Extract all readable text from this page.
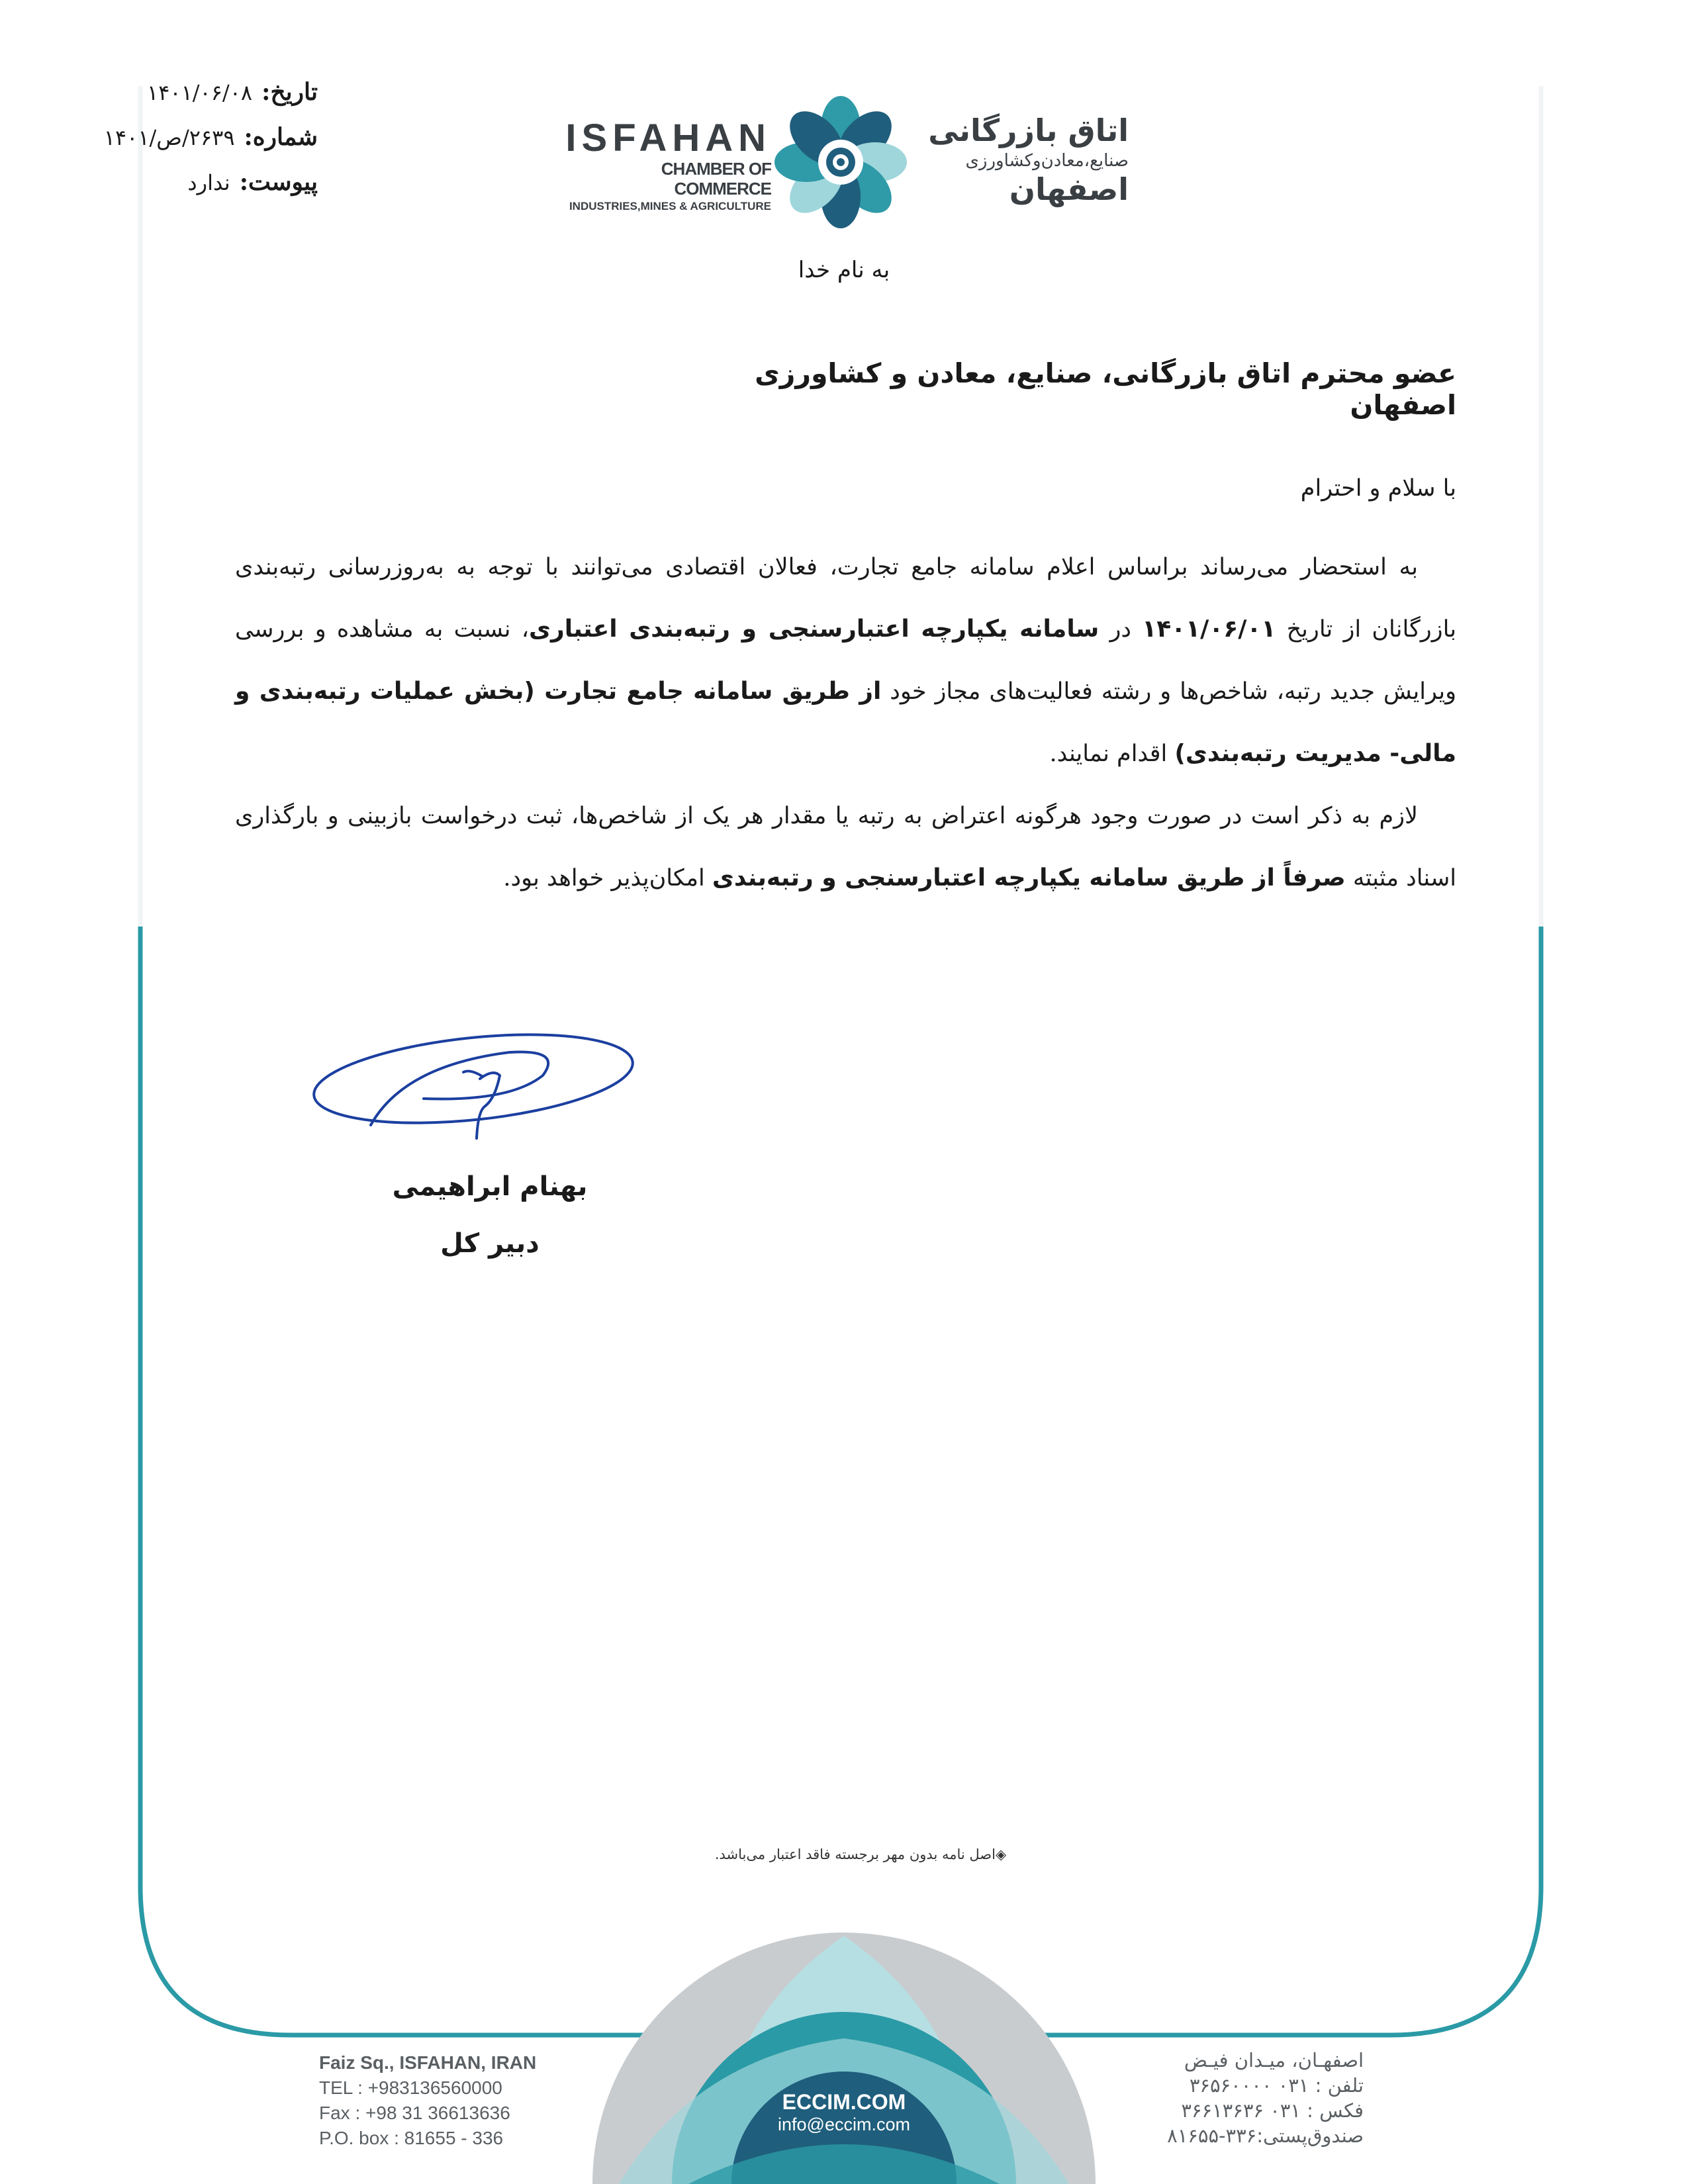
تاریخ:۱۴۰۱/۰۶/۰۸
شماره:۲۶۳۹/ص/۱۴۰۱
پیوست:ندارد
ISFAHAN
CHAMBER OF COMMERCE
INDUSTRIES,MINES & AGRICULTURE
اتاق بازرگانی
صنایع،معادن‌وکشاورزی
اصفهان
به نام خدا
عضو محترم اتاق بازرگانی، صنایع، معادن و کشاورزی اصفهان
با سلام و احترام

به استحضار می‌رساند براساس اعلام سامانه جامع تجارت، فعالان اقتصادی می‌توانند با توجه به به‌روزرسانی رتبه‌بندی بازرگانان از تاریخ ۱۴۰۱/۰۶/۰۱ در سامانه یکپارچه اعتبارسنجی و رتبه‌بندی اعتباری، نسبت به مشاهده و بررسی ویرایش جدید رتبه، شاخص‌ها و رشته فعالیت‌های مجاز خود از طریق سامانه جامع تجارت (بخش عملیات رتبه‌بندی و مالی- مدیریت رتبه‌بندی) اقدام نمایند.

لازم به ذکر است در صورت وجود هرگونه اعتراض به رتبه یا مقدار هر یک از شاخص‌ها، ثبت درخواست بازبینی و بارگذاری اسناد مثبته صرفاً از طریق سامانه یکپارچه اعتبارسنجی و رتبه‌بندی امکان‌پذیر خواهد بود.

بهنام ابراهیمی
دبیر کل
◈اصل نامه بدون مهر برجسته فاقد اعتبار می‌باشد.
Faiz Sq., ISFAHAN, IRAN
TEL : +983136560000
Fax : +98 31 36613636
P.O. box : 81655 - 336
ECCIM.COM
info@eccim.com
اصفهـان، میـدان فیـض
تلفن : ۰۳۱ ۳۶۵۶۰۰۰۰
فکس : ۰۳۱ ۳۶۶۱۳۶۳۶
صندوق‌پستی:۳۳۶-۸۱۶۵۵
